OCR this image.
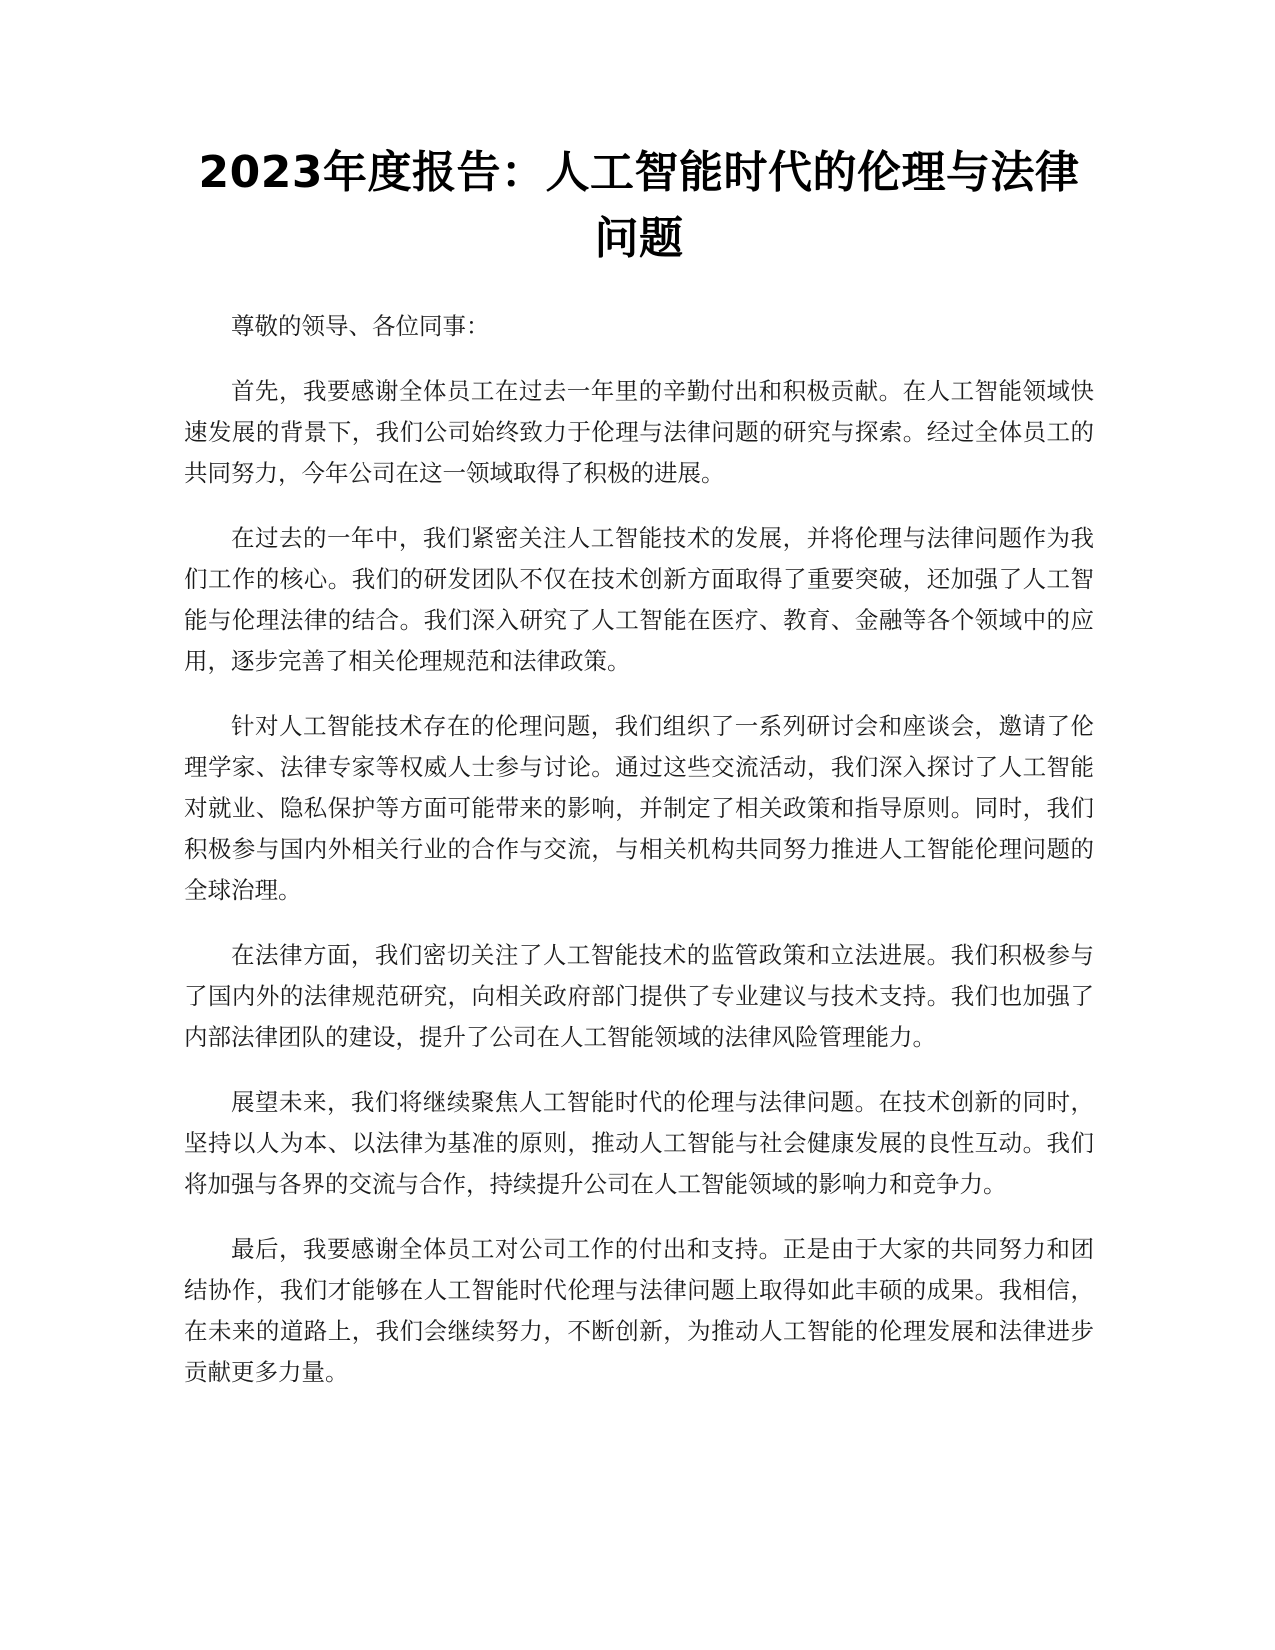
2023年度报告：人工智能时代的伦理与法律问题

尊敬的领导、各位同事：

首先，我要感谢全体员工在过去一年里的辛勤付出和积极贡献。在人工智能领域快速发展的背景下，我们公司始终致力于伦理与法律问题的研究与探索。经过全体员工的共同努力，今年公司在这一领域取得了积极的进展。

在过去的一年中，我们紧密关注人工智能技术的发展，并将伦理与法律问题作为我们工作的核心。我们的研发团队不仅在技术创新方面取得了重要突破，还加强了人工智能与伦理法律的结合。我们深入研究了人工智能在医疗、教育、金融等各个领域中的应用，逐步完善了相关伦理规范和法律政策。

针对人工智能技术存在的伦理问题，我们组织了一系列研讨会和座谈会，邀请了伦理学家、法律专家等权威人士参与讨论。通过这些交流活动，我们深入探讨了人工智能对就业、隐私保护等方面可能带来的影响，并制定了相关政策和指导原则。同时，我们积极参与国内外相关行业的合作与交流，与相关机构共同努力推进人工智能伦理问题的全球治理。

在法律方面，我们密切关注了人工智能技术的监管政策和立法进展。我们积极参与了国内外的法律规范研究，向相关政府部门提供了专业建议与技术支持。我们也加强了内部法律团队的建设，提升了公司在人工智能领域的法律风险管理能力。

展望未来，我们将继续聚焦人工智能时代的伦理与法律问题。在技术创新的同时，坚持以人为本、以法律为基准的原则，推动人工智能与社会健康发展的良性互动。我们将加强与各界的交流与合作，持续提升公司在人工智能领域的影响力和竞争力。

最后，我要感谢全体员工对公司工作的付出和支持。正是由于大家的共同努力和团结协作，我们才能够在人工智能时代伦理与法律问题上取得如此丰硕的成果。我相信，在未来的道路上，我们会继续努力，不断创新，为推动人工智能的伦理发展和法律进步贡献更多力量。
